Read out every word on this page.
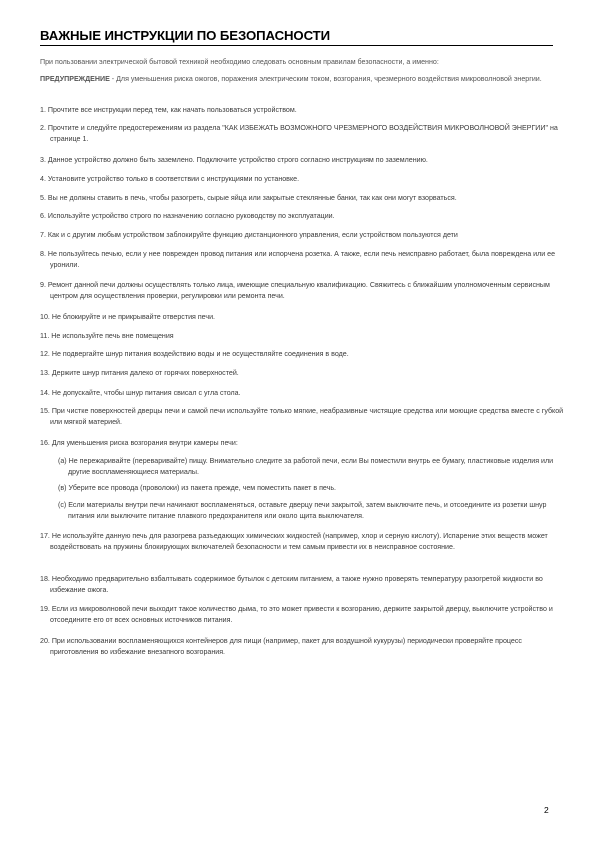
ВАЖНЫЕ ИНСТРУКЦИИ ПО БЕЗОПАСНОСТИ
При пользовании электрической бытовой техникой необходимо следовать основным правилам безопасности, а именно:
ПРЕДУПРЕЖДЕНИЕ - Для уменьшения риска ожогов, поражения электрическим током, возгорания, чрезмерного воздействия микроволновой энергии.
1. Прочтите все инструкции перед тем, как начать пользоваться устройством.
2. Прочтите и следуйте предостережениям из раздела "КАК ИЗБЕЖАТЬ ВОЗМОЖНОГО ЧРЕЗМЕРНОГО ВОЗДЕЙСТВИЯ МИКРОВОЛНОВОЙ ЭНЕРГИИ" на странице 1.
3. Данное устройство должно быть заземлено. Подключите устройство строго согласно инструкциям по заземлению.
4. Установите устройство только в соответствии с инструкциями по установке.
5. Вы не должны ставить в печь, чтобы разогреть, сырые яйца или закрытые стеклянные банки, так как они могут взорваться.
6. Используйте устройство строго по назначению согласно руководству по эксплуатации.
7. Как и с другим любым устройством заблокируйте функцию дистанционного управления, если устройством пользуются дети
8. Не пользуйтесь печью, если у нее поврежден провод питания или испорчена розетка. А также, если печь неисправно работает, была повреждена или ее уронили.
9. Ремонт данной печи должны осуществлять только лица, имеющие специальную квалификацию. Свяжитесь с ближайшим уполномоченным сервисным центром для осуществления проверки, регулировки или ремонта печи.
10. Не блокируйте и не прикрывайте отверстия печи.
11. Не используйте печь вне помещения
12. Не подвергайте шнур питания воздействию воды и не осуществляйте соединения в воде.
13. Держите шнур питания далеко от горячих поверхностей.
14. Не допускайте, чтобы шнур питания свисал с угла стола.
15. При чистке поверхностей дверцы печи и самой печи используйте только мягкие, неабразивные чистящие средства или моющие средства вместе с губкой или мягкой материей.
16. Для уменьшения риска возгорания внутри камеры печи:
(а) Не пережаривайте (переваривайте) пищу. Внимательно следите за работой печи, если Вы поместили внутрь ее бумагу, пластиковые изделия или другие воспламеняющиеся материалы.
(в) Уберите все провода (проволоки) из пакета прежде, чем поместить пакет в печь.
(с) Если материалы внутри печи начинают воспламеняться, оставьте дверцу печи закрытой, затем выключите печь, и отсоедините из розетки шнур питания или выключите питание плавкого предохранителя или около щита выключателя.
17. Не используйте данную печь для разогрева разъедающих химических жидкостей (например, хлор и серную кислоту). Испарение этих веществ может воздействовать на пружины блокирующих включателей безопасности и тем самым привести их в неисправное состояние.
18. Необходимо предварительно взбалтывать содержимое бутылок с детским питанием, а также нужно проверять температуру разогретой жидкости во избежание ожога.
19. Если из микроволновой печи выходит такое количество дыма, то это может привести к возгоранию, держите закрытой дверцу, выключите устройство и отсоедините его от всех основных источников питания.
20. При использовании воспламеняющихся контейнеров для пищи (например, пакет для воздушной кукурузы) периодически проверяйте процесс приготовления во избежание внезапного возгорания.
2
